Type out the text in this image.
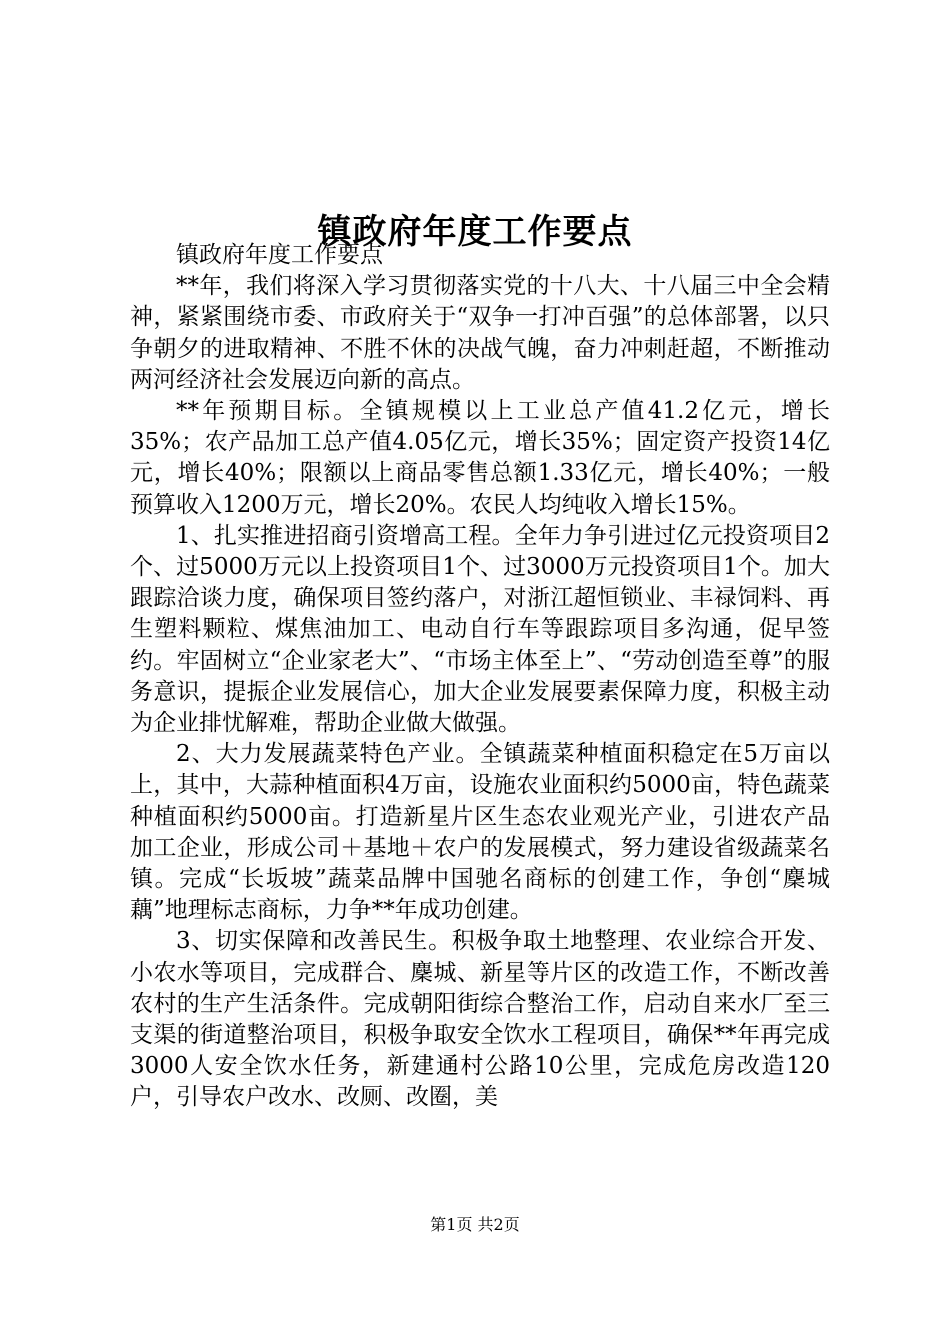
镇政府年度工作要点

镇政府年度工作要点

**年，我们将深入学习贯彻落实党的十八大、十八届三中全会精神，紧紧围绕市委、市政府关于“双争一打冲百强”的总体部署，以只争朝夕的进取精神、不胜不休的决战气魄，奋力冲刺赶超，不断推动两河经济社会发展迈向新的高点。

**年预期目标。全镇规模以上工业总产值41.2亿元，增长35%；农产品加工总产值4.05亿元，增长35%；固定资产投资14亿元，增长40%；限额以上商品零售总额1.33亿元，增长40%；一般预算收入1200万元，增长20%。农民人均纯收入增长15%。

1、扎实推进招商引资增高工程。全年力争引进过亿元投资项目2个、过5000万元以上投资项目1个、过3000万元投资项目1个。加大跟踪洽谈力度，确保项目签约落户，对浙江超恒锁业、丰禄饲料、再生塑料颗粒、煤焦油加工、电动自行车等跟踪项目多沟通，促早签约。牢固树立“企业家老大”、“市场主体至上”、“劳动创造至尊”的服务意识，提振企业发展信心，加大企业发展要素保障力度，积极主动为企业排忧解难，帮助企业做大做强。

2、大力发展蔬菜特色产业。全镇蔬菜种植面积稳定在5万亩以上，其中，大蒜种植面积4万亩，设施农业面积约5000亩，特色蔬菜种植面积约5000亩。打造新星片区生态农业观光产业，引进农产品加工企业，形成公司＋基地＋农户的发展模式，努力建设省级蔬菜名镇。完成“长坂坡”蔬菜品牌中国驰名商标的创建工作，争创“麇城藕”地理标志商标，力争**年成功创建。

3、切实保障和改善民生。积极争取土地整理、农业综合开发、小农水等项目，完成群合、麇城、新星等片区的改造工作，不断改善农村的生产生活条件。完成朝阳街综合整治工作，启动自来水厂至三支渠的街道整治项目，积极争取安全饮水工程项目，确保**年再完成3000人安全饮水任务，新建通村公路10公里，完成危房改造120户，引导农户改水、改厕、改圈，美

第1页 共2页
